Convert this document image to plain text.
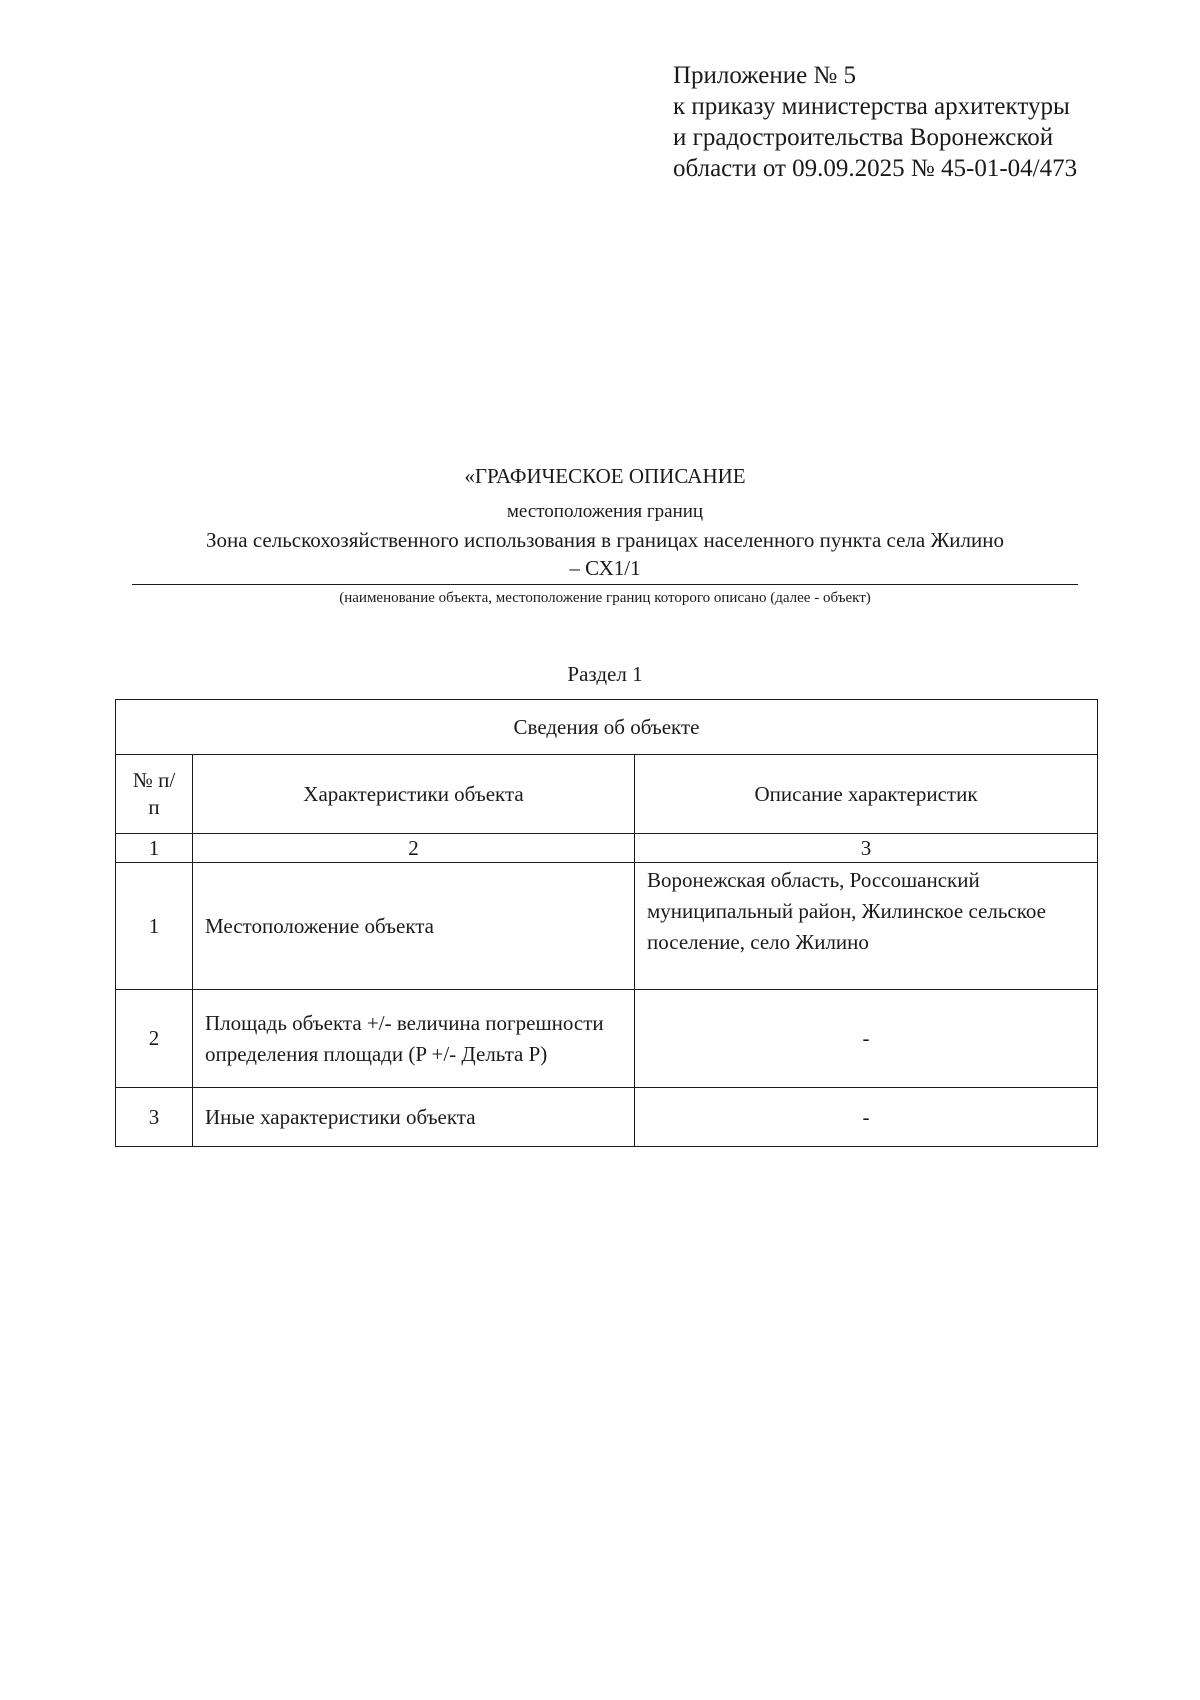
Приложение № 5
к приказу министерства архитектуры
и градостроительства Воронежской
области от 09.09.2025 № 45-01-04/473
«ГРАФИЧЕСКОЕ ОПИСАНИЕ
местоположения границ
Зона сельскохозяйственного использования в границах населенного пункта села Жилино
– СХ1/1
(наименование объекта, местоположение границ которого описано (далее - объект)
Раздел 1
Сведения об объекте		
№ п/п	Характеристики объекта	Описание характеристик
1	2	3
1	Местоположение объекта	Воронежская область, Россошанский муниципальный район, Жилинское сельское поселение, село Жилино
2	Площадь объекта +/- величина погрешности определения площади (P +/- Дельта P)	-
3	Иные характеристики объекта	-
